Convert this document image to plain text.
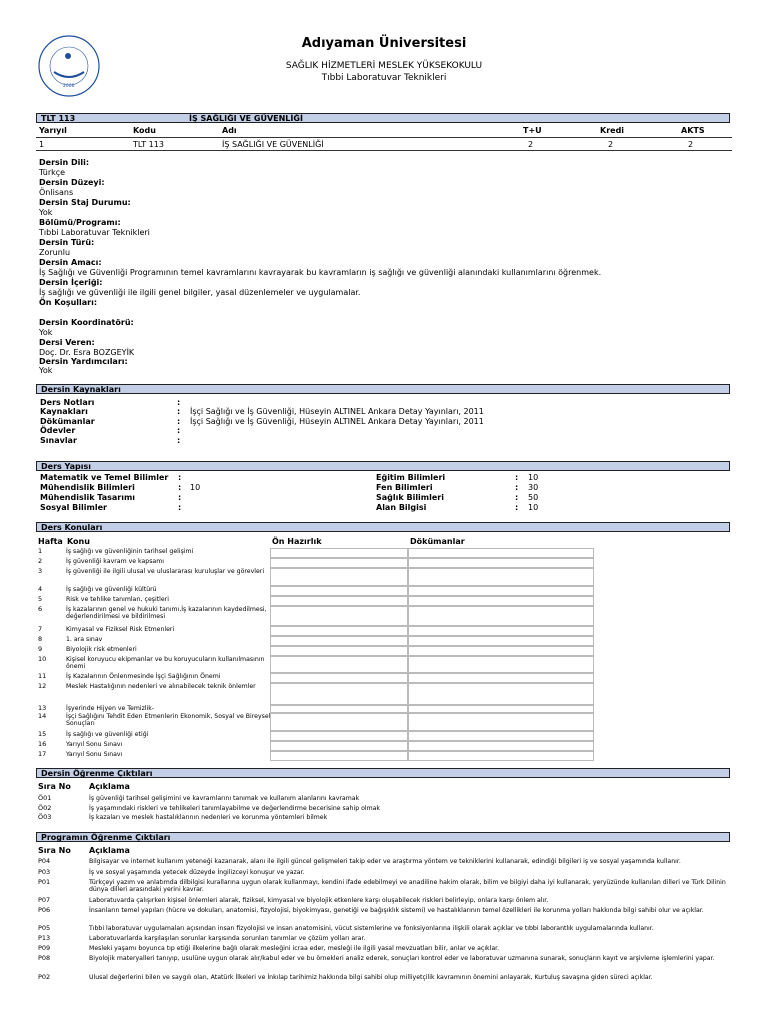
2006
Adıyaman Üniversitesi
SAĞLIK HİZMETLERİ MESLEK YÜKSEKOKULU
Tıbbi Laboratuvar Teknikleri
TLT 113	İŞ SAĞLIĞI VE GÜVENLİĞİ
Yarıyıl	Kodu	Adı	T+U	Kredi	AKTS
1	TLT 113	İŞ SAĞLIĞI VE GÜVENLİĞİ	2	2	2
Dersin Dili:
Türkçe
Dersin Düzeyi:
Önlisans
Dersin Staj Durumu:
Yok
Bölümü/Programı:
Tıbbi Laboratuvar Teknikleri
Dersin Türü:
Zorunlu
Dersin Amacı:
İş Sağlığı ve Güvenliği Programının temel kavramlarını kavrayarak bu kavramların iş sağlığı ve güvenliği alanındaki kullanımlarını öğrenmek.
Dersin İçeriği:
İş sağlığı ve güvenliği ile ilgili genel bilgiler, yasal düzenlemeler ve uygulamalar.
Ön Koşulları:
Dersin Koordinatörü:
Yok
Dersi Veren:
Doç. Dr. Esra BOZGEYİK
Dersin Yardımcıları:
Yok
Dersin Kaynakları
Ders Notları	:
Kaynakları	: İşçi Sağlığı ve İş Güvenliği, Hüseyin ALTINEL Ankara Detay Yayınları, 2011
Dökümanlar	: İşçi Sağlığı ve İş Güvenliği, Hüseyin ALTINEL Ankara Detay Yayınları, 2011
Ödevler	:
Sınavlar	:
Ders Yapısı
Matematik ve Temel Bilimler :
Mühendislik Bilimleri	: 10
Mühendislik Tasarımı	:
Sosyal Bilimler	:
Eğitim Bilimleri	: 10
Fen Bilimleri	: 30
Sağlık Bilimleri	: 50
Alan Bilgisi	: 10
Ders Konuları
Hafta Konu	Ön Hazırlık	Dökümanlar
1	İş sağlığı ve güvenliğinin tarihsel gelişimi
2	İş güvenliği kavram ve kapsamı
3	İş güvenliği ile ilgili ulusal ve uluslararası kuruluşlar ve görevleri
4	İş sağlığı ve güvenliği kültürü
5	Risk ve tehlike tanımları, çeşitleri
6	İş kazalarının genel ve hukuki tanımı,İş kazalarının kaydedilmesi, değerlendirilmesi ve bildirilmesi
7	Kimyasal ve Fiziksel Risk Etmenleri
8	1. ara sınav
9	Biyolojik risk etmenleri
10	Kişisel koruyucu ekipmanlar ve bu koruyucuların kullanılmasının önemi
11	İş Kazalarının Önlenmesinde İşçi Sağlığının Önemi
12	Meslek Hastalığının nedenleri ve alınabilecek teknik önlemler
13	İşyerinde Hijyen ve Temizlik-
14	İşçi Sağlığını Tehdit Eden Etmenlerin Ekonomik, Sosyal ve Bireysel Sonuçları
15	İş sağlığı ve güvenliği etiği
16	Yarıyıl Sonu Sınavı
17	Yarıyıl Sonu Sınavı
Dersin Öğrenme Çıktıları
Sıra No Açıklama
Ö01	İş güvenliği tarihsel gelişimini ve kavramlarını tanımak ve kullanım alanlarını kavramak
Ö02	İş yaşamındaki riskleri ve tehlikeleri tanımlayabilme ve değerlendirme becerisine sahip olmak
Ö03	İş kazaları ve meslek hastalıklarının nedenleri ve korunma yöntemleri bilmek
Programın Öğrenme Çıktıları
Sıra No Açıklama
P04	Bilgisayar ve internet kullanım yeteneği kazanarak, alanı ile ilgili güncel gelişmeleri takip eder ve araştırma yöntem ve tekniklerini kullanarak, edindiği bilgileri iş ve sosyal yaşamında kullanır.
P03	İş ve sosyal yaşamında yetecek düzeyde İngilizceyi konuşur ve yazar.
P01	Türkçeyi yazım ve anlatımda dilbilgisi kurallarına uygun olarak kullanmayı, kendini ifade edebilmeyi ve anadiline hakim olarak, bilim ve bilgiyi daha iyi kullanarak, yeryüzünde kullanılan dilleri ve Türk Dilinin dünya dilleri arasındaki yerini kavrar.
P07	Laboratuvarda çalışırken kişisel önlemleri alarak, fiziksel, kimyasal ve biyolojik etkenlere karşı oluşabilecek riskleri belirleyip, onlara karşı önlem alır.
P06	İnsanların temel yapıları (hücre ve dokuları, anatomisi, fizyolojisi, biyokimyası, genetiği ve bağışıklık sistemi) ve hastalıklarının temel özellikleri ile korunma yolları hakkında bilgi sahibi olur ve açıklar.
P05	Tıbbi laboratuvar uygulamaları açısından insan fizyolojisi ve insan anatomisini, vücut sistemlerine ve fonksiyonlarına ilişkili olarak açıklar ve tıbbi laborantlık uygulamalarında kullanır.
P13	Laboratuvarlarda karşılaşılan sorunlar karşısında sorunları tanımlar ve çözüm yolları arar.
P09	Mesleki yaşamı boyunca tıp etiği ilkelerine bağlı olarak mesleğini icraa eder, mesleği ile ilgili yasal mevzuatları bilir, anlar ve açıklar.
P08	Biyolojik materyalleri tanıyıp, usulüne uygun olarak alır/kabul eder ve bu örnekleri analiz ederek, sonuçları kontrol eder ve laboratuvar uzmanına sunarak, sonuçların kayıt ve arşivleme işlemlerini yapar.
P02	Ulusal değerlerini bilen ve saygılı olan, Atatürk İlkeleri ve İnkılap tarihimiz hakkında bilgi sahibi olup milliyetçilik kavramının önemini anlayarak, Kurtuluş savaşına giden süreci açıklar.
